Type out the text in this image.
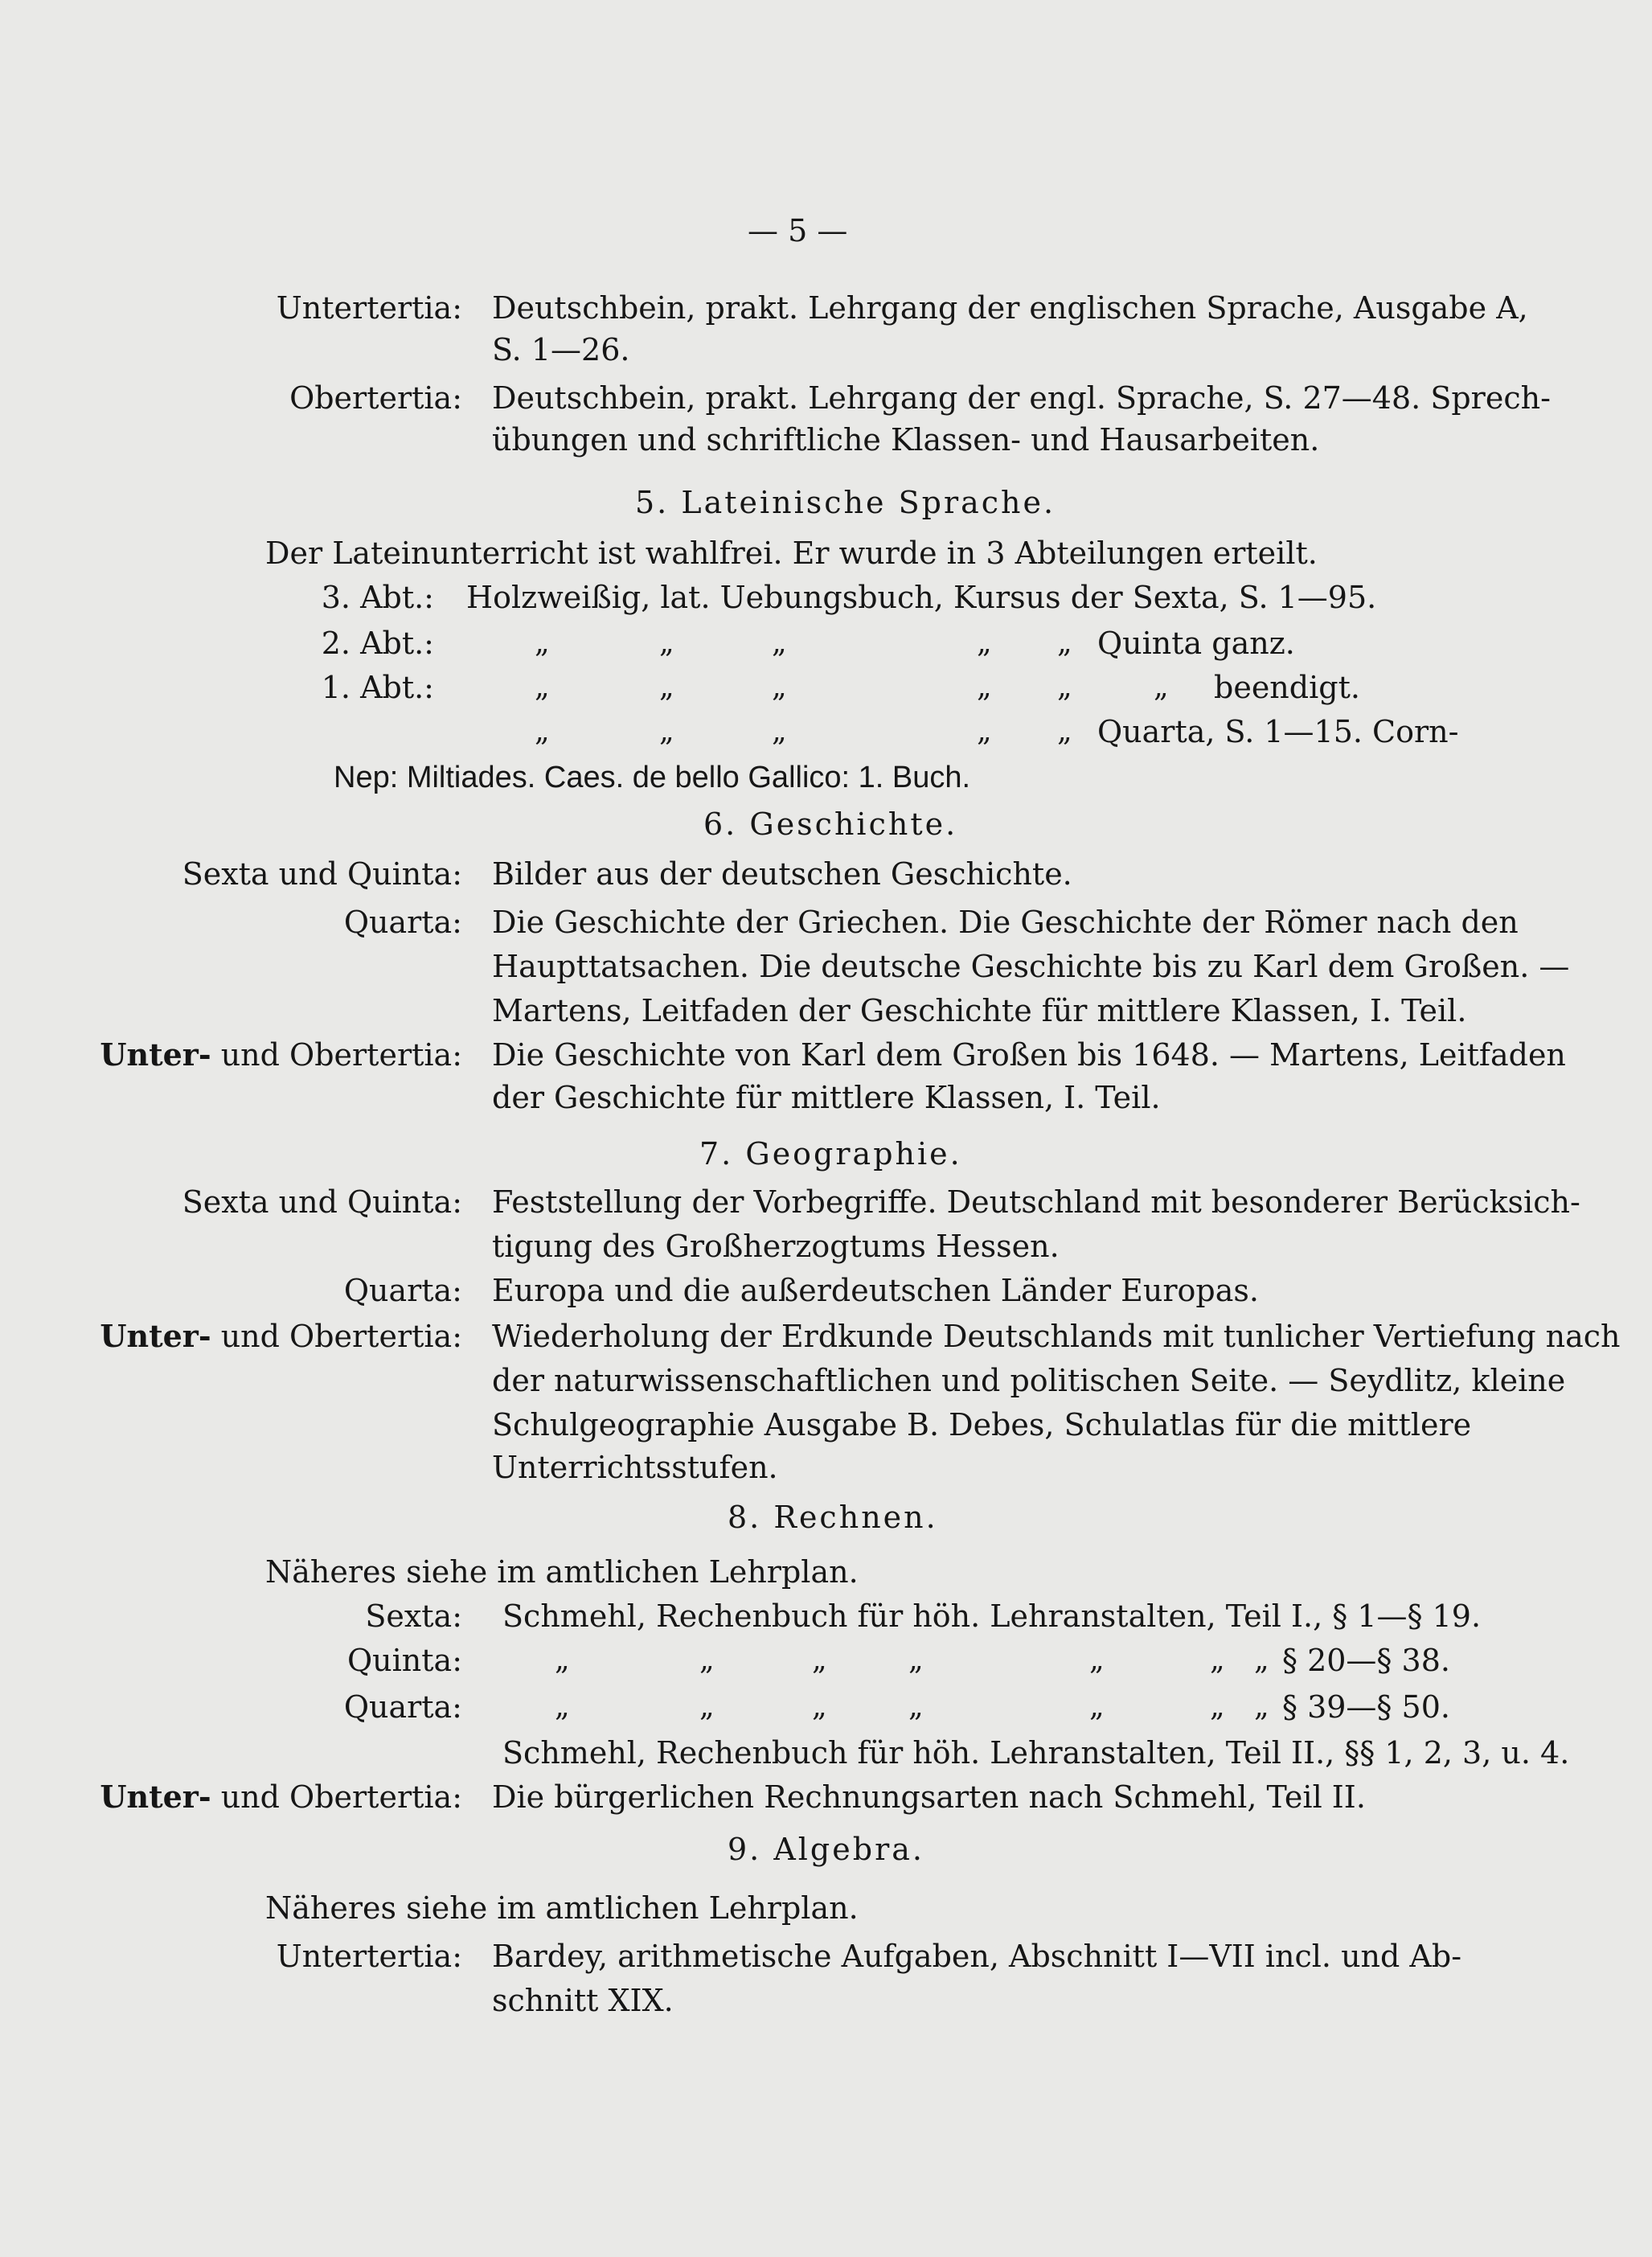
— 5 —
Untertertia: Deutschbein, prakt. Lehrgang der englischen Sprache, Ausgabe A,
S. 1—26.
Obertertia: Deutschbein, prakt. Lehrgang der engl. Sprache, S. 27—48. Sprech-
übungen und schriftliche Klassen- und Hausarbeiten.
5. Lateinische Sprache.
Der Lateinunterricht ist wahlfrei. Er wurde in 3 Abteilungen erteilt.
3. Abt.: Holzweißig, lat. Uebungsbuch, Kursus der Sexta, S. 1—95.
2. Abt.:	„	„	„	„ „ Quinta ganz.
1. Abt.:	„	„	„	„ „	„ beendigt.
„	„	„	„ „ Quarta, S. 1—15. Corn-
Nep: Miltiades. Caes. de bello Gallico: 1. Buch.
6. Geschichte.
Sexta und Quinta: Bilder aus der deutschen Geschichte.
Quarta: Die Geschichte der Griechen. Die Geschichte der Römer nach den
Haupttatsachen. Die deutsche Geschichte bis zu Karl dem Großen. —
Martens, Leitfaden der Geschichte für mittlere Klassen, I. Teil.
Unter- und Obertertia: Die Geschichte von Karl dem Großen bis 1648. — Martens, Leitfaden
der Geschichte für mittlere Klassen, I. Teil.
7. Geographie.
Sexta und Quinta: Feststellung der Vorbegriffe. Deutschland mit besonderer Berücksich-
tigung des Großherzogtums Hessen.
Quarta: Europa und die außerdeutschen Länder Europas.
Unter- und Obertertia: Wiederholung der Erdkunde Deutschlands mit tunlicher Vertiefung nach
der naturwissenschaftlichen und politischen Seite. — Seydlitz, kleine
Schulgeographie Ausgabe B. Debes, Schulatlas für die mittlere
Unterrichtsstufen.
8. Rechnen.
Näheres siehe im amtlichen Lehrplan.
Sexta: Schmehl, Rechenbuch für höh. Lehranstalten, Teil I., § 1—§ 19.
Quinta:	„	„	„	„	„	„ „ § 20—§ 38.
Quarta:	„	„	„	„	„	„ „ § 39—§ 50.
Schmehl, Rechenbuch für höh. Lehranstalten, Teil II., §§ 1, 2, 3, u. 4.
Unter- und Obertertia: Die bürgerlichen Rechnungsarten nach Schmehl, Teil II.
9. Algebra.
Näheres siehe im amtlichen Lehrplan.
Untertertia: Bardey, arithmetische Aufgaben, Abschnitt I—VII incl. und Ab-
schnitt XIX.
